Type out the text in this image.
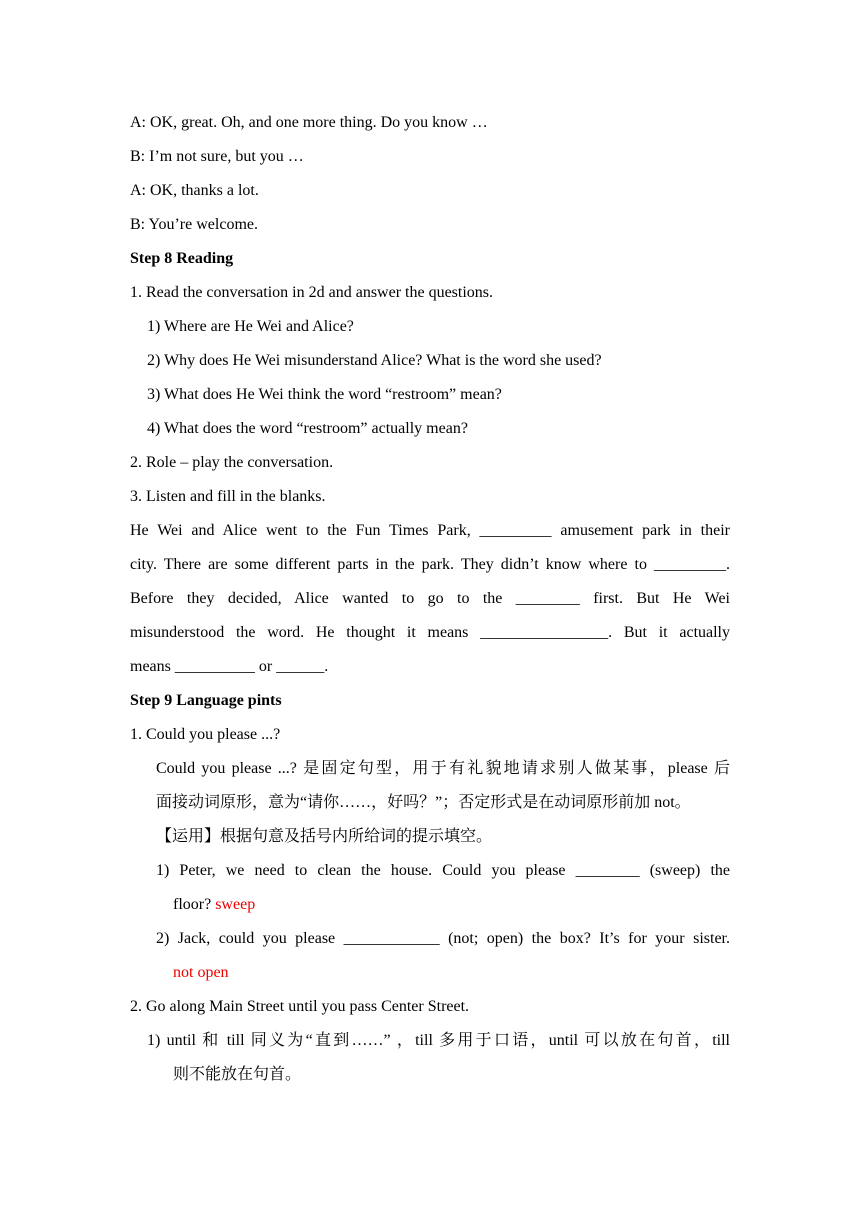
A: OK, great. Oh, and one more thing. Do you know …

B: I’m not sure, but you …

A: OK, thanks a lot.

B: You’re welcome.

Step 8 Reading

1. Read the conversation in 2d and answer the questions.

1) Where are He Wei and Alice?

2) Why does He Wei misunderstand Alice? What is the word she used?

3) What does He Wei think the word “restroom” mean?

4) What does the word “restroom” actually mean?

2. Role – play the conversation.

3. Listen and fill in the blanks.

He Wei and Alice went to the Fun Times Park, _________ amusement park in their
city. There are some different parts in the park. They didn’t know where to _________.
Before they decided, Alice wanted to go to the ________ first. But He Wei
misunderstood the word. He thought it means ________________. But it actually
means __________ or ______.

Step 9 Language pints

1. Could you please ...?

Could you please ...? 是固定句型，用于有礼貌地请求别人做某事，please 后
面接动词原形，意为“请你……，好吗？”；否定形式是在动词原形前加 not。

【运用】根据句意及括号内所给词的提示填空。

1) Peter, we need to clean the house. Could you please ________ (sweep) the

floor? sweep

2) Jack, could you please ____________ (not; open) the box? It’s for your sister.

not open

2. Go along Main Street until you pass Center Street.

1) until 和 till 同义为“直到……” ，till 多用于口语，until 可以放在句首，till

则不能放在句首。
